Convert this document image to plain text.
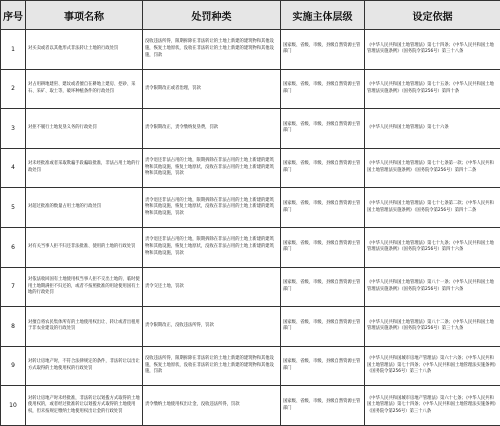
序号	事项名称	处罚种类	实施主体层级	设定依据
1	对买卖或者以其他形式非法转让土地的行政处罚	没收违法所得，限期拆除在非法转让的土地上新建的建筑物和其他设施，恢复土地原状，没收在非法转让的土地上新建的建筑物和其他设施，罚款	国家级、省级、市级、县级自然资源主管部门	《中华人民共和国土地管理法》第七十四条；《中华人民共和国土地管理法实施条例》（国务院令第256号）第三十八条
2	对占用耕地建窑、建坟或者擅自在耕地上建房、挖砂、采石、采矿、取土等，破坏种植条件的行政处罚	责令限期改正或者治理，罚款	国家级、省级、市级、县级自然资源主管部门	《中华人民共和国土地管理法》第七十五条；《中华人民共和国土地管理法实施条例》（国务院令第256号）第四十条
3	对拒不履行土地复垦义务的行政处罚	责令限期改正，责令缴纳复垦费，罚款	国家级、省级、市级、县级自然资源主管部门	《中华人民共和国土地管理法》第七十六条
4	对未经批准或者采取欺骗手段骗取批准，非法占用土地的行政处罚	责令退还非法占用的土地，限期拆除在非法占用的土地上新建的建筑物和其他设施，恢复土地原状，没收在非法占用的土地上新建的建筑物和其他设施，罚款	国家级、省级、市级、县级自然资源主管部门	《中华人民共和国土地管理法》第七十七条第一款；《中华人民共和国土地管理法实施条例》（国务院令第256号）第四十二条
5	对超过批准的数量占用土地的行政处罚	责令退还非法占用的土地，限期拆除在非法占用的土地上新建的建筑物和其他设施，恢复土地原状，没收在非法占用的土地上新建的建筑物和其他设施，罚款	国家级、省级、市级、县级自然资源主管部门	《中华人民共和国土地管理法》第七十七条第二款；《中华人民共和国土地管理法实施条例》（国务院令第256号）第四十二条
6	对有关当事人拒不归还非法批准、使用的土地的行政处罚	责令退还非法占用的土地，限期拆除在非法占用的土地上新建的建筑物和其他设施，恢复土地原状，没收在非法占用的土地上新建的建筑物和其他设施，罚款	国家级、省级、市级、县级自然资源主管部门	《中华人民共和国土地管理法》第七十九条；《中华人民共和国土地管理法实施条例》（国务院令第256号）第四十六条
7	对依法收回国有土地使用权当事人拒不交出土地的，临时使用土地期满拒不归还的，或者不按照批准的用途使用国有土地的行政处罚	责令交还土地，罚款	国家级、省级、市级、县级自然资源主管部门	《中华人民共和国土地管理法》第八十一条；《中华人民共和国土地管理法实施条例》（国务院令第256号）第四十六条
8	对擅自将农民集体所有的土地使用权出让、转让或者出租用于非农业建设的行政处罚	责令限期改正，没收违法所得，罚款	国家级、省级、市级、县级自然资源主管部门	《中华人民共和国土地管理法》第八十二条；《中华人民共和国土地管理法实施条例》（国务院令第256号）第三十九条
9	对转让房地产时，不符合法律规定的条件，非法转让以出让方式取得的土地使用权的行政处罚	没收违法所得，限期拆除在非法转让的土地上新建的建筑物和其他设施，恢复土地原状，没收在非法转让的土地上新建的建筑物和其他设施，罚款	国家级、省级、市级、县级自然资源主管部门	《中华人民共和国城市房地产管理法》第六十六条；《中华人民共和国土地管理法》第七十四条；《中华人民共和国土地管理法实施条例》（国务院令第256号）第三十八条
10	对转让房地产时未经批准，非法转让以划拨方式取得的土地使用权的，或者经过批准转让以划拨方式取得的土地使用权，但未按规定缴纳土地使用权出让金的行政处罚	责令缴纳土地使用权出让金，没收违法所得，罚款	国家级、省级、市级、县级自然资源主管部门	《中华人民共和国城市房地产管理法》第六十七条；《中华人民共和国土地管理法》第七十四条；《中华人民共和国土地管理法实施条例》（国务院令第256号）第三十八条
